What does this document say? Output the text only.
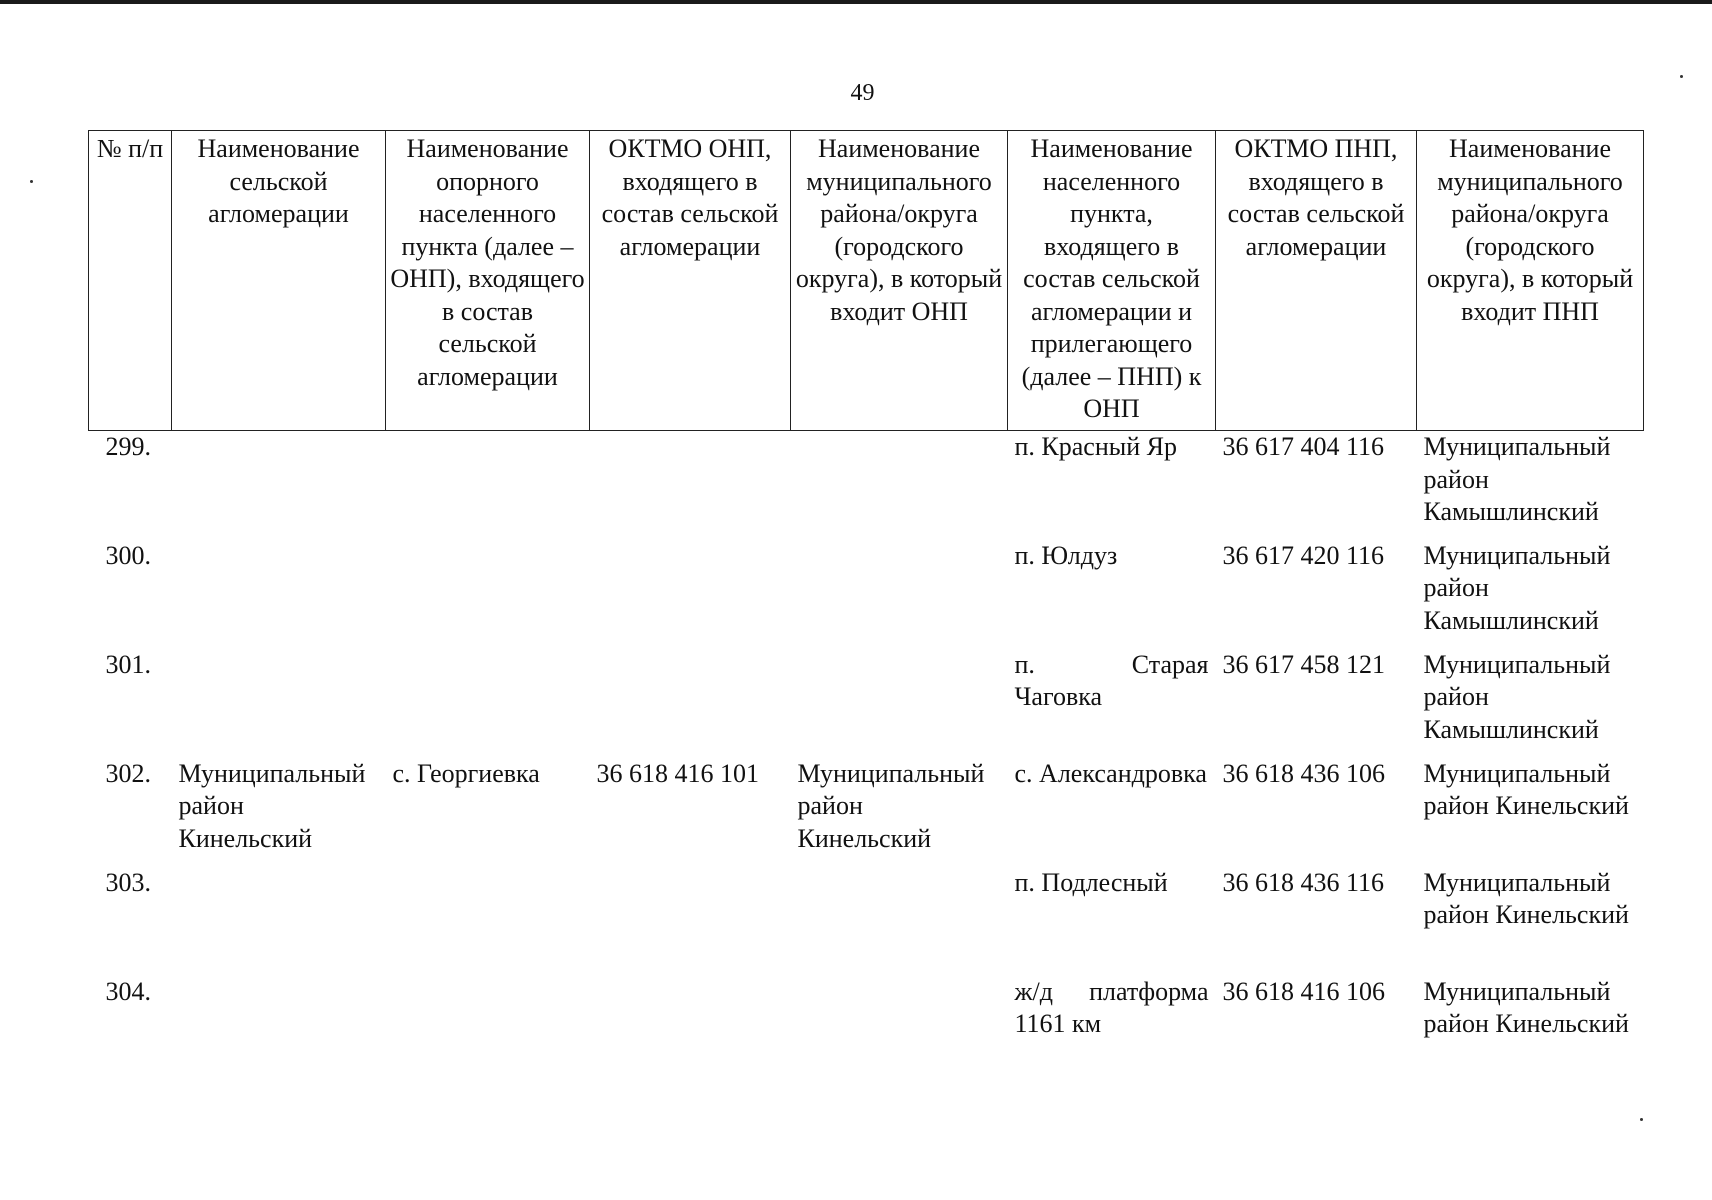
49
№ п/п	Наименование сельской агломерации	Наименование опорного населенного пункта (далее – ОНП), входящего в состав сельской агломерации	ОКТМО ОНП, входящего в состав сельской агломерации	Наименование муниципального района/округа (городского округа), в который входит ОНП	Наименование населенного пункта, входящего в состав сельской агломерации и прилегающего (далее – ПНП) к ОНП	ОКТМО ПНП, входящего в состав сельской агломерации	Наименование муниципального района/округа (городского округа), в который входит ПНП
299.					п. Красный Яр	36 617 404 116	Муниципальный район Камышлинский
300.					п. Юлдуз	36 617 420 116	Муниципальный район Камышлинский
301.					п. Старая Чаговка	36 617 458 121	Муниципальный район Камышлинский
302.	Муниципальный район Кинельский	с. Георгиевка	36 618 416 101	Муниципальный район Кинельский	с. Александровка	36 618 436 106	Муниципальный район Кинельский
303.					п. Подлесный	36 618 436 116	Муниципальный район Кинельский
304.					ж/д платформа 1161 км	36 618 416 106	Муниципальный район Кинельский
